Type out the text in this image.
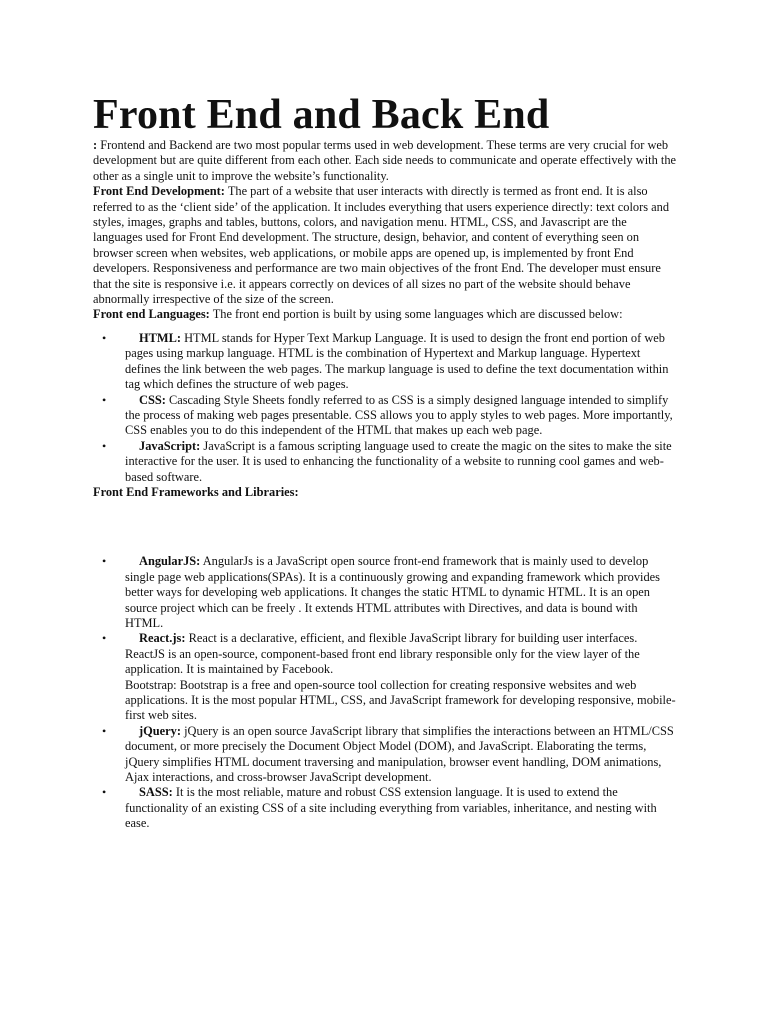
Front End and Back End

: Frontend and Backend are two most popular terms used in web development. These terms are very crucial for web development but are quite different from each other. Each side needs to communicate and operate effectively with the other as a single unit to improve the website’s functionality.

Front End Development: The part of a website that user interacts with directly is termed as front end. It is also referred to as the ‘client side’ of the application. It includes everything that users experience directly: text colors and styles, images, graphs and tables, buttons, colors, and navigation menu. HTML, CSS, and Javascript are the languages used for Front End development. The structure, design, behavior, and content of everything seen on browser screen when websites, web applications, or mobile apps are opened up, is implemented by front End developers. Responsiveness and performance are two main objectives of the front End. The developer must ensure that the site is responsive i.e. it appears correctly on devices of all sizes no part of the website should behave abnormally irrespective of the size of the screen.

Front end Languages: The front end portion is built by using some languages which are discussed below:

•	HTML: HTML stands for Hyper Text Markup Language. It is used to design the front end portion of web pages using markup language. HTML is the combination of Hypertext and Markup language. Hypertext defines the link between the web pages. The markup language is used to define the text documentation within tag which defines the structure of web pages.
•	CSS: Cascading Style Sheets fondly referred to as CSS is a simply designed language intended to simplify the process of making web pages presentable. CSS allows you to apply styles to web pages. More importantly, CSS enables you to do this independent of the HTML that makes up each web page.
•	JavaScript: JavaScript is a famous scripting language used to create the magic on the sites to make the site interactive for the user. It is used to enhancing the functionality of a website to running cool games and web-based software.

Front End Frameworks and Libraries:

•	AngularJS: AngularJs is a JavaScript open source front-end framework that is mainly used to develop single page web applications(SPAs). It is a continuously growing and expanding framework which provides better ways for developing web applications. It changes the static HTML to dynamic HTML. It is an open source project which can be freely . It extends HTML attributes with Directives, and data is bound with HTML.
•	React.js: React is a declarative, efficient, and flexible JavaScript library for building user interfaces. ReactJS is an open-source, component-based front end library responsible only for the view layer of the application. It is maintained by Facebook.
Bootstrap: Bootstrap is a free and open-source tool collection for creating responsive websites and web applications. It is the most popular HTML, CSS, and JavaScript framework for developing responsive, mobile-first web sites.
•	jQuery: jQuery is an open source JavaScript library that simplifies the interactions between an HTML/CSS document, or more precisely the Document Object Model (DOM), and JavaScript. Elaborating the terms, jQuery simplifies HTML document traversing and manipulation, browser event handling, DOM animations, Ajax interactions, and cross-browser JavaScript development.
•	SASS: It is the most reliable, mature and robust CSS extension language. It is used to extend the functionality of an existing CSS of a site including everything from variables, inheritance, and nesting with ease.
